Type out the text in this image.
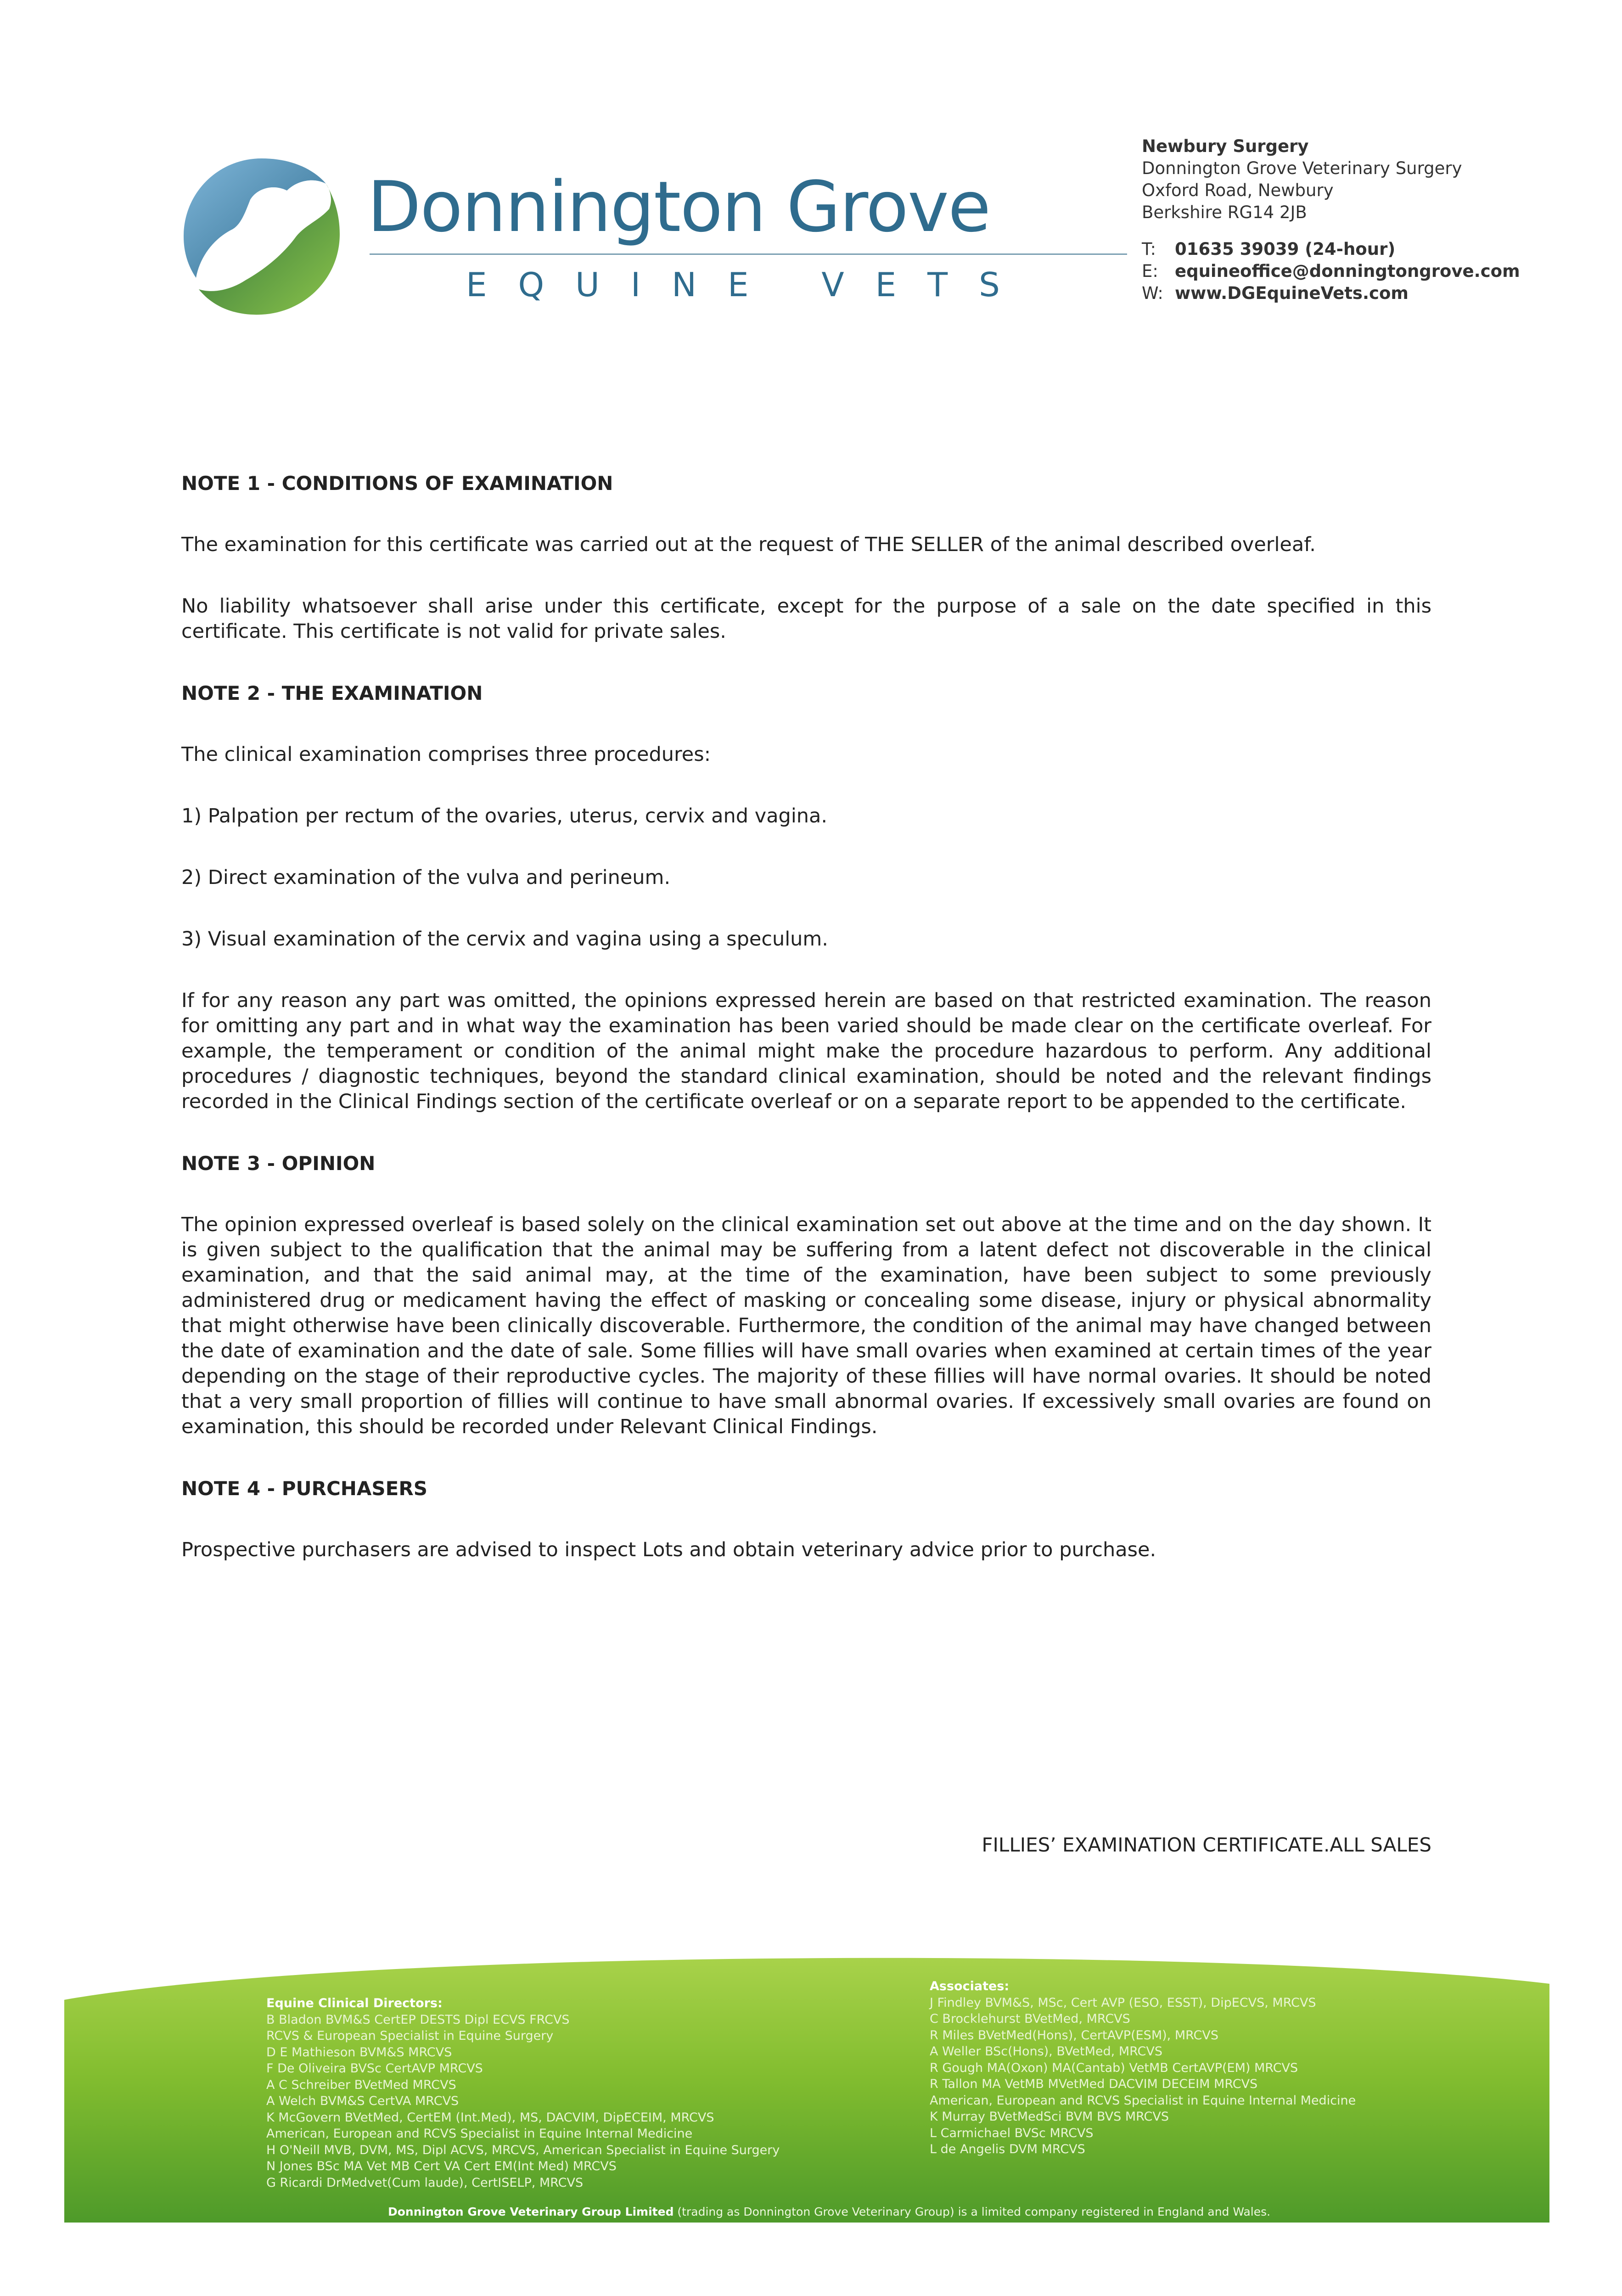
Donnington Grove
EQUINE VETS
Newbury Surgery
Donnington Grove Veterinary Surgery
Oxford Road, Newbury
Berkshire RG14 2JB
T: 01635 39039 (24-hour)
E: equineoffice@donningtongrove.com
W: www.DGEquineVets.com
NOTE 1 - CONDITIONS OF EXAMINATION

The examination for this certificate was carried out at the request of THE SELLER of the animal described overleaf.

No liability whatsoever shall arise under this certificate, except for the purpose of a sale on the date specified in this certificate. This certificate is not valid for private sales.

NOTE 2 - THE EXAMINATION

The clinical examination comprises three procedures:

1) Palpation per rectum of the ovaries, uterus, cervix and vagina.
2) Direct examination of the vulva and perineum.
3) Visual examination of the cervix and vagina using a speculum.

If for any reason any part was omitted, the opinions expressed herein are based on that restricted examination. The reason for omitting any part and in what way the examination has been varied should be made clear on the certificate overleaf. For example, the temperament or condition of the animal might make the procedure hazardous to perform. Any additional procedures / diagnostic techniques, beyond the standard clinical examination, should be noted and the relevant findings recorded in the Clinical Findings section of the certificate overleaf or on a separate report to be appended to the certificate.

NOTE 3 - OPINION

The opinion expressed overleaf is based solely on the clinical examination set out above at the time and on the day shown. It is given subject to the qualification that the animal may be suffering from a latent defect not discoverable in the clinical examination, and that the said animal may, at the time of the examination, have been subject to some previously administered drug or medicament having the effect of masking or concealing some disease, injury or physical abnormality that might otherwise have been clinically discoverable. Furthermore, the condition of the animal may have changed between the date of examination and the date of sale. Some fillies will have small ovaries when examined at certain times of the year depending on the stage of their reproductive cycles. The majority of these fillies will have normal ovaries. It should be noted that a very small proportion of fillies will continue to have small abnormal ovaries. If excessively small ovaries are found on examination, this should be recorded under Relevant Clinical Findings.

NOTE 4 - PURCHASERS

Prospective purchasers are advised to inspect Lots and obtain veterinary advice prior to purchase.

FILLIES’ EXAMINATION CERTIFICATE.ALL SALES
Equine Clinical Directors:
B Bladon BVM&S CertEP DESTS Dipl ECVS FRCVS
RCVS & European Specialist in Equine Surgery
D E Mathieson BVM&S MRCVS
F De Oliveira BVSc CertAVP MRCVS
A C Schreiber BVetMed MRCVS
A Welch BVM&S CertVA MRCVS
K McGovern BVetMed, CertEM (Int.Med), MS, DACVIM, DipECEIM, MRCVS
American, European and RCVS Specialist in Equine Internal Medicine
H O'Neill MVB, DVM, MS, Dipl ACVS, MRCVS, American Specialist in Equine Surgery
N Jones BSc MA Vet MB Cert VA Cert EM(Int Med) MRCVS
G Ricardi DrMedvet(Cum laude), CertISELP, MRCVS
Associates:
J Findley BVM&S, MSc, Cert AVP (ESO, ESST), DipECVS, MRCVS
C Brocklehurst BVetMed, MRCVS
R Miles BVetMed(Hons), CertAVP(ESM), MRCVS
A Weller BSc(Hons), BVetMed, MRCVS
R Gough MA(Oxon) MA(Cantab) VetMB CertAVP(EM) MRCVS
R Tallon MA VetMB MVetMed DACVIM DECEIM MRCVS
American, European and RCVS Specialist in Equine Internal Medicine
K Murray BVetMedSci BVM BVS MRCVS
L Carmichael BVSc MRCVS
L de Angelis DVM MRCVS
Donnington Grove Veterinary Group Limited (trading as Donnington Grove Veterinary Group) is a limited company registered in England and Wales.
